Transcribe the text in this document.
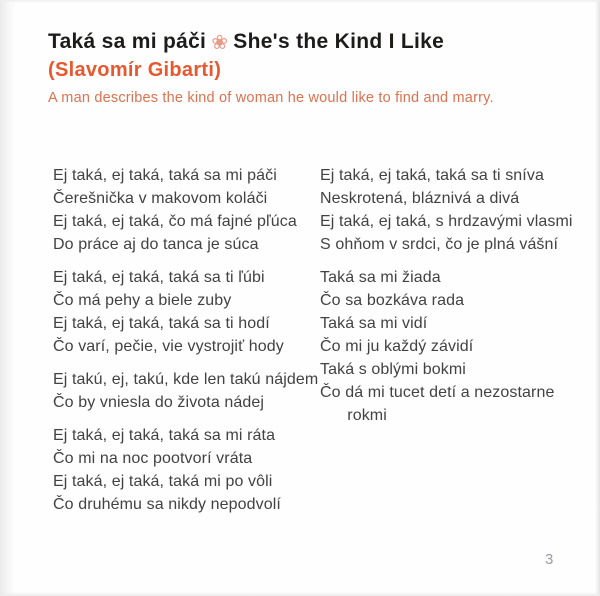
Taká sa mi páči ❀ She's the Kind I Like
(Slavomír Gibarti)

A man describes the kind of woman he would like to find and marry.

Ej taká, ej taká, taká sa mi páči
Čerešnička v makovom koláči
Ej taká, ej taká, čo má fajné pľúca
Do práce aj do tanca je súca
Ej taká, ej taká, taká sa ti ľúbi
Čo má pehy a biele zuby
Ej taká, ej taká, taká sa ti hodí
Čo varí, pečie, vie vystrojiť hody
Ej takú, ej, takú, kde len takú nájdem
Čo by vniesla do života nádej
Ej taká, ej taká, taká sa mi ráta
Čo mi na noc pootvorí vráta
Ej taká, ej taká, taká mi po vôli
Čo druhému sa nikdy nepodvolí
Ej taká, ej taká, taká sa ti sníva
Neskrotená, bláznivá a divá
Ej taká, ej taká, s hrdzavými vlasmi
S ohňom v srdci, čo je plná vášní
Taká sa mi žiada
Čo sa bozkáva rada
Taká sa mi vidí
Čo mi ju každý závidí
Taká s oblými bokmi
Čo dá mi tucet detí a nezostarne
rokmi
3
